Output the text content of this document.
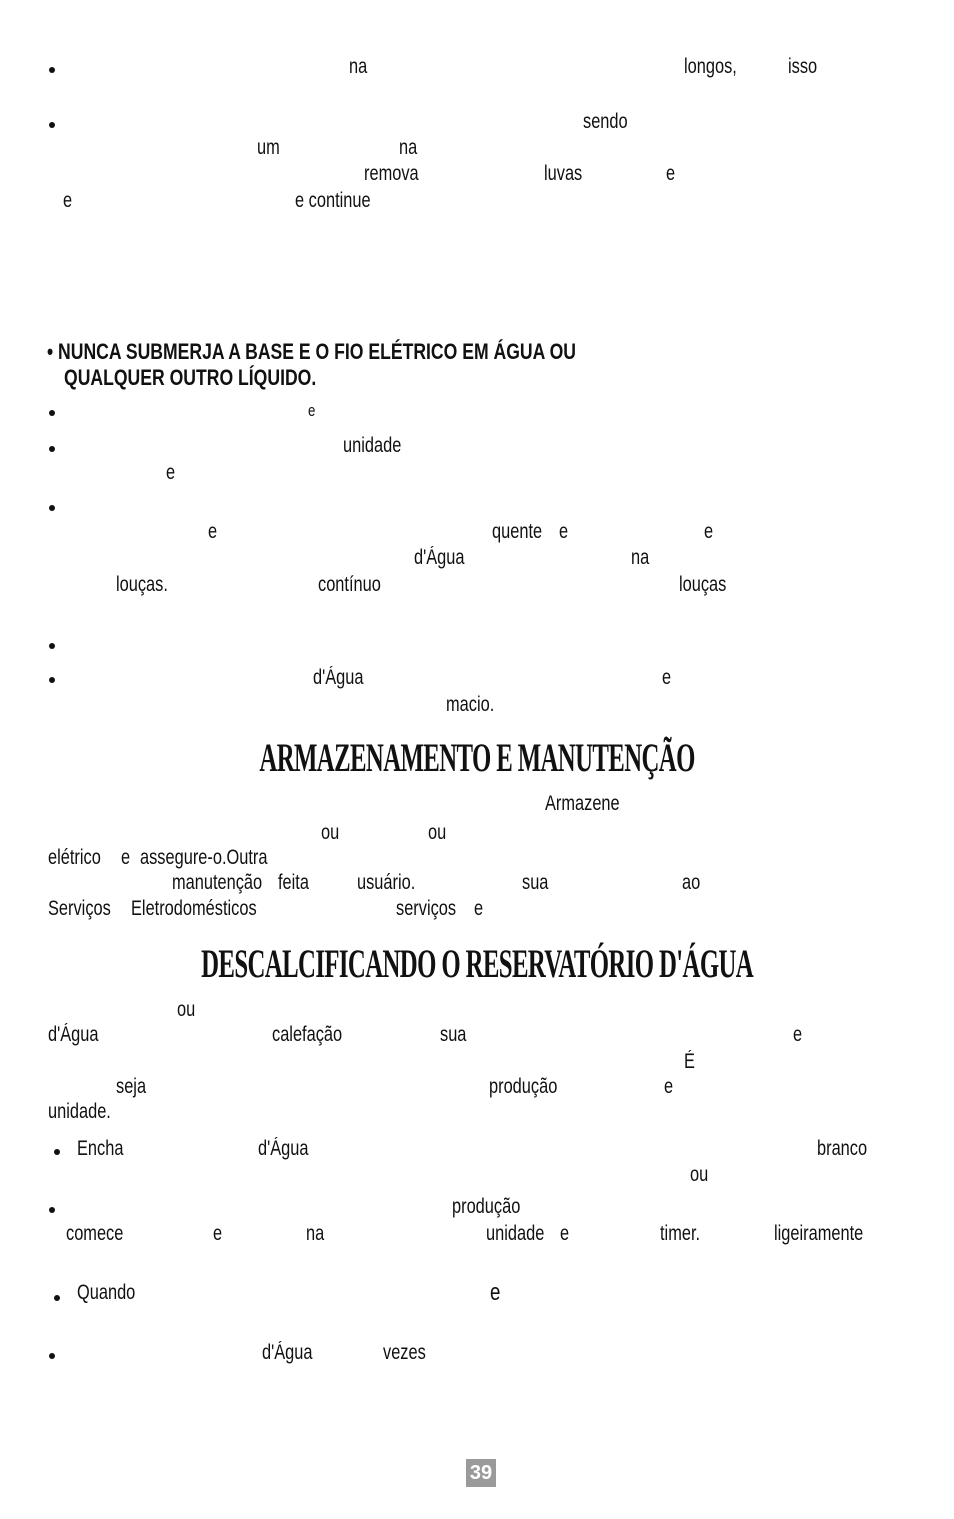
na	longos, isso
sendo
um	na
remova	luvas	e
e	e continue
• NUNCA SUBMERJA A BASE E O FIO ELÉTRICO EM ÁGUA OU
QUALQUER OUTRO LÍQUIDO.
e
unidade
e
e	quente e	e
d'Água	na
louças.	contínuo	louças
d'Água	e
macio.
ARMAZENAMENTO E MANUTENÇÃO
Armazene
ou	ou
elétrico e assegure-o.Outra
manutenção feita usuário.	sua	ao
Serviços Eletrodomésticos	serviços e
DESCALCIFICANDO O RESERVATÓRIO D'ÁGUA
ou
d'Água	calefação	sua	e
É
seja	produção	e
unidade.
Encha	d'Água	branco
ou
produção
comece	e	na	unidade e	timer.	ligeiramente
Quando	e
d'Água	vezes
39
